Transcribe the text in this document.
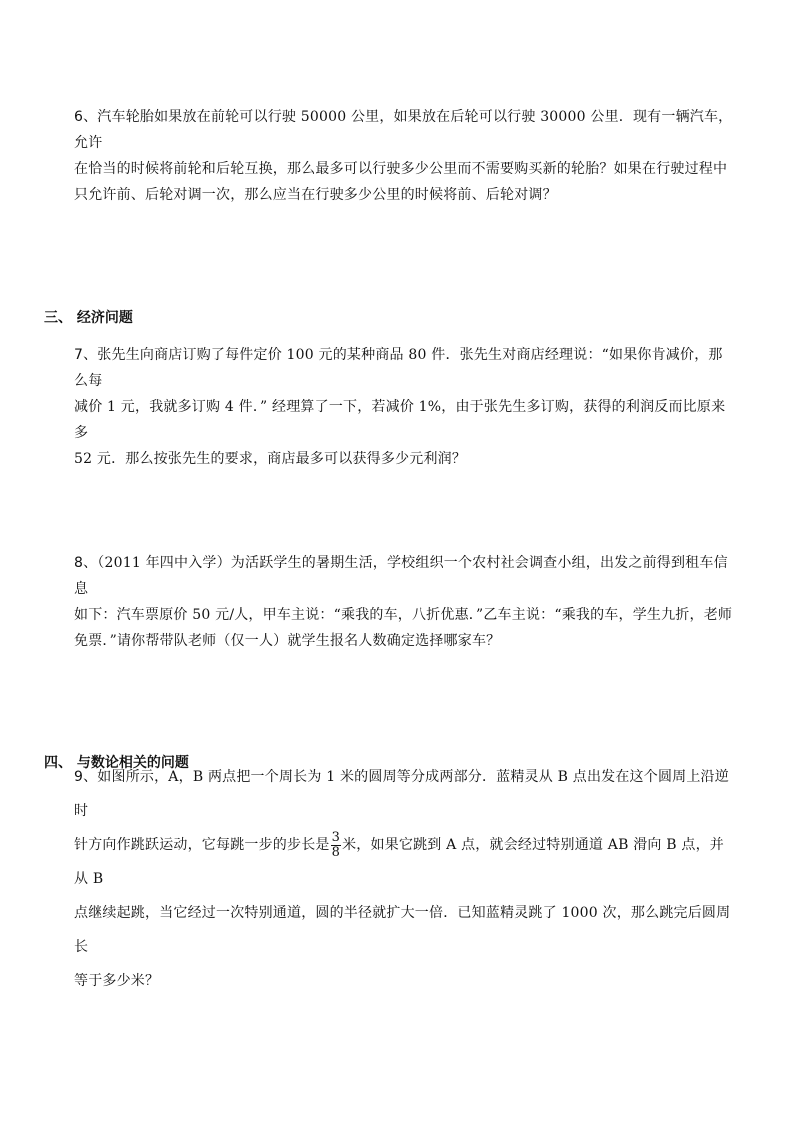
6、汽车轮胎如果放在前轮可以行驶 50000 公里，如果放在后轮可以行驶 30000 公里．现有一辆汽车，允许

在恰当的时候将前轮和后轮互换，那么最多可以行驶多少公里而不需要购买新的轮胎？如果在行驶过程中

只允许前、后轮对调一次，那么应当在行驶多少公里的时候将前、后轮对调？

三、 经济问题

7、张先生向商店订购了每件定价 100 元的某种商品 80 件．张先生对商店经理说：“如果你肯减价，那么每

减价 1 元，我就多订购 4 件．” 经理算了一下，若减价 1%，由于张先生多订购，获得的利润反而比原来多

52 元．那么按张先生的要求，商店最多可以获得多少元利润？

8、（2011 年四中入学）为活跃学生的暑期生活，学校组织一个农村社会调查小组，出发之前得到租车信息

如下：汽车票原价 50 元/人，甲车主说：“乘我的车，八折优惠．”乙车主说：“乘我的车，学生九折，老师

免票．”请你帮带队老师（仅一人）就学生报名人数确定选择哪家车？

四、 与数论相关的问题

9、如图所示，A，B 两点把一个周长为 1 米的圆周等分成两部分．蓝精灵从 B 点出发在这个圆周上沿逆时

针方向作跳跃运动，它每跳一步的步长是 $\frac{3}{8}$ 米，如果它跳到 A 点，就会经过特别通道 AB 滑向 B 点，并从 B

点继续起跳，当它经过一次特别通道，圆的半径就扩大一倍．已知蓝精灵跳了 1000 次，那么跳完后圆周长

等于多少米？
